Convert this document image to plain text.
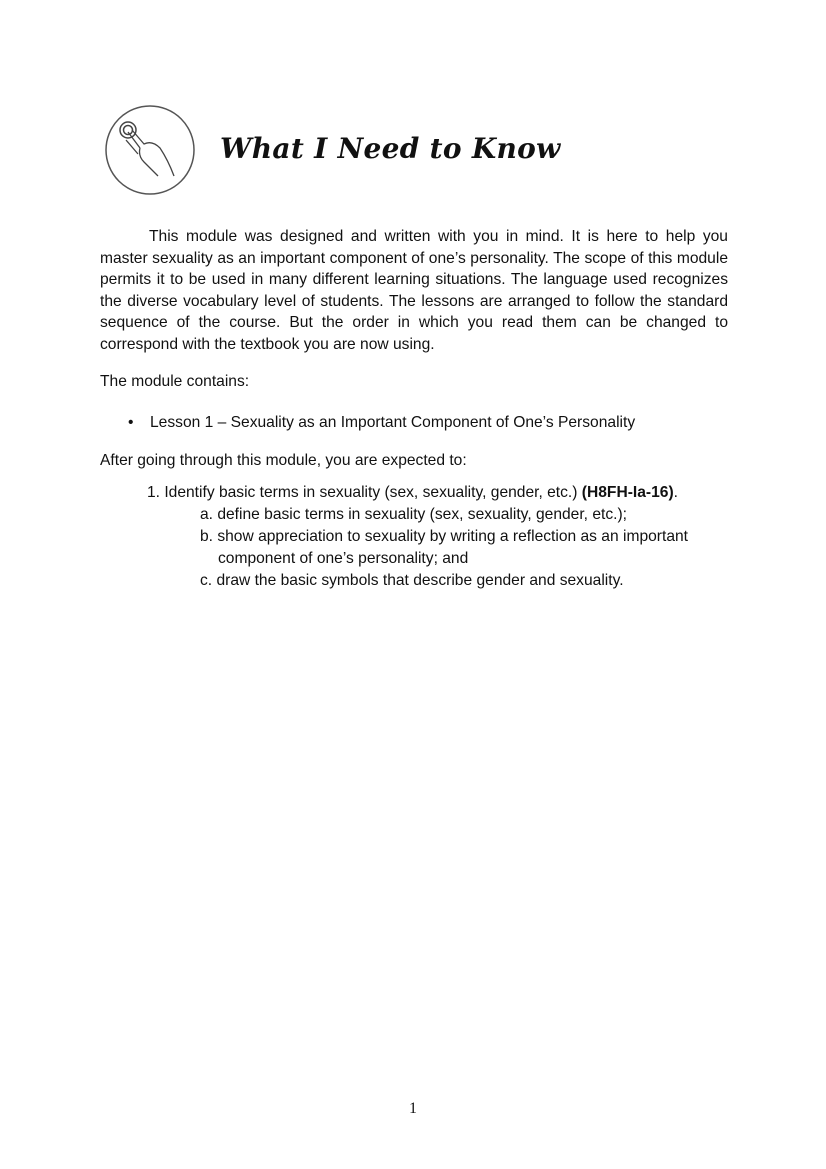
What I Need to Know
This module was designed and written with you in mind. It is here to help you master sexuality as an important component of one’s personality. The scope of this module permits it to be used in many different learning situations. The language used recognizes the diverse vocabulary level of students. The lessons are arranged to follow the standard sequence of the course. But the order in which you read them can be changed to correspond with the textbook you are now using.
The module contains:
• Lesson 1 – Sexuality as an Important Component of One’s Personality
After going through this module, you are expected to:
1. Identify basic terms in sexuality (sex, sexuality, gender, etc.) (H8FH-Ia-16).
a. define basic terms in sexuality (sex, sexuality, gender, etc.);
b. show appreciation to sexuality by writing a reflection as an important
component of one’s personality; and
c. draw the basic symbols that describe gender and sexuality.
1
